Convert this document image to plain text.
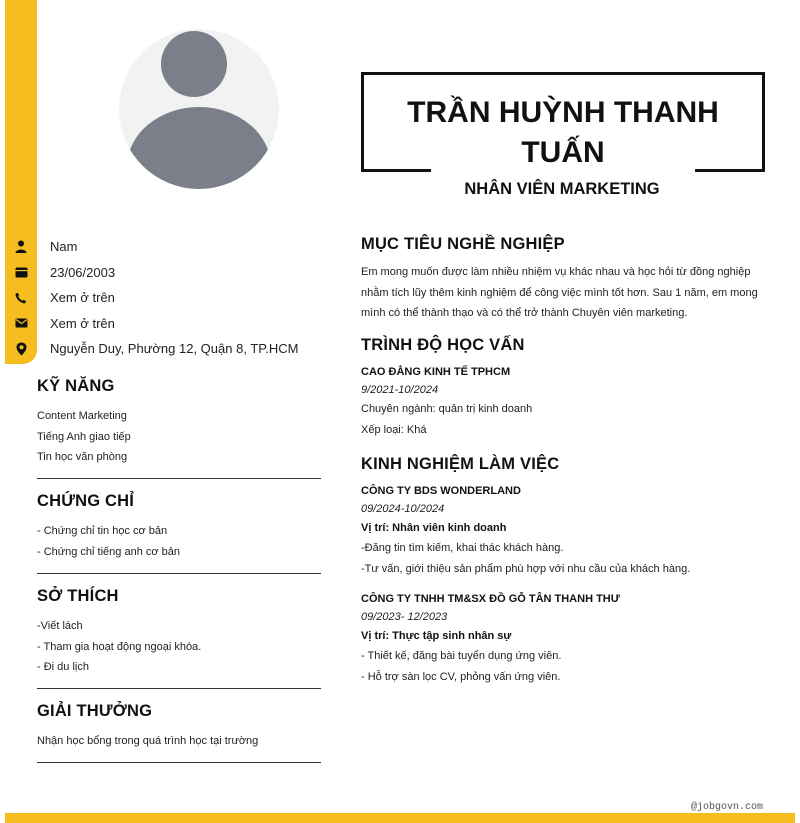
Nam
23/06/2003
Xem ở trên
Xem ở trên
Nguyễn Duy, Phường 12, Quận 8, TP.HCM
KỸ NĂNG
Content Marketing
Tiếng Anh giao tiếp
Tin học văn phòng
CHỨNG CHỈ
- Chứng chỉ tin học cơ bản
- Chứng chỉ tiếng anh cơ bản
SỞ THÍCH
-Viết lách
- Tham gia hoạt động ngoại khóa.
- Đi du lịch
GIẢI THƯỞNG
Nhận học bổng trong quá trình học tại trường
TRẦN HUỲNH THANH TUẤN
NHÂN VIÊN MARKETING
MỤC TIÊU NGHỀ NGHIỆP
Em mong muốn được làm nhiều nhiệm vụ khác nhau và học hỏi từ đồng nghiệp nhằm tích lũy thêm kinh nghiệm để công việc mình tốt hơn. Sau 1 năm, em mong mình có thể thành thạo và có thể trở thành Chuyên viên marketing.
TRÌNH ĐỘ HỌC VẤN
CAO ĐẲNG KINH TẾ TPHCM
9/2021-10/2024
Chuyên ngành: quản trị kinh doanh
Xếp loại: Khá
KINH NGHIỆM LÀM VIỆC
CÔNG TY BDS WONDERLAND
09/2024-10/2024
Vị trí: Nhân viên kinh doanh
-Đăng tin tìm kiếm, khai thác khách hàng.
-Tư vấn, giới thiệu sản phẩm phù hợp với nhu cầu của khách hàng.
CÔNG TY TNHH TM&SX ĐỒ GỖ TÂN THANH THƯ
09/2023- 12/2023
Vị trí: Thực tập sinh nhân sự
- Thiết kế, đăng bài tuyển dụng ứng viên.
- Hỗ trợ sàn lọc CV, phỏng vấn ứng viên.
@jobgovn.com
